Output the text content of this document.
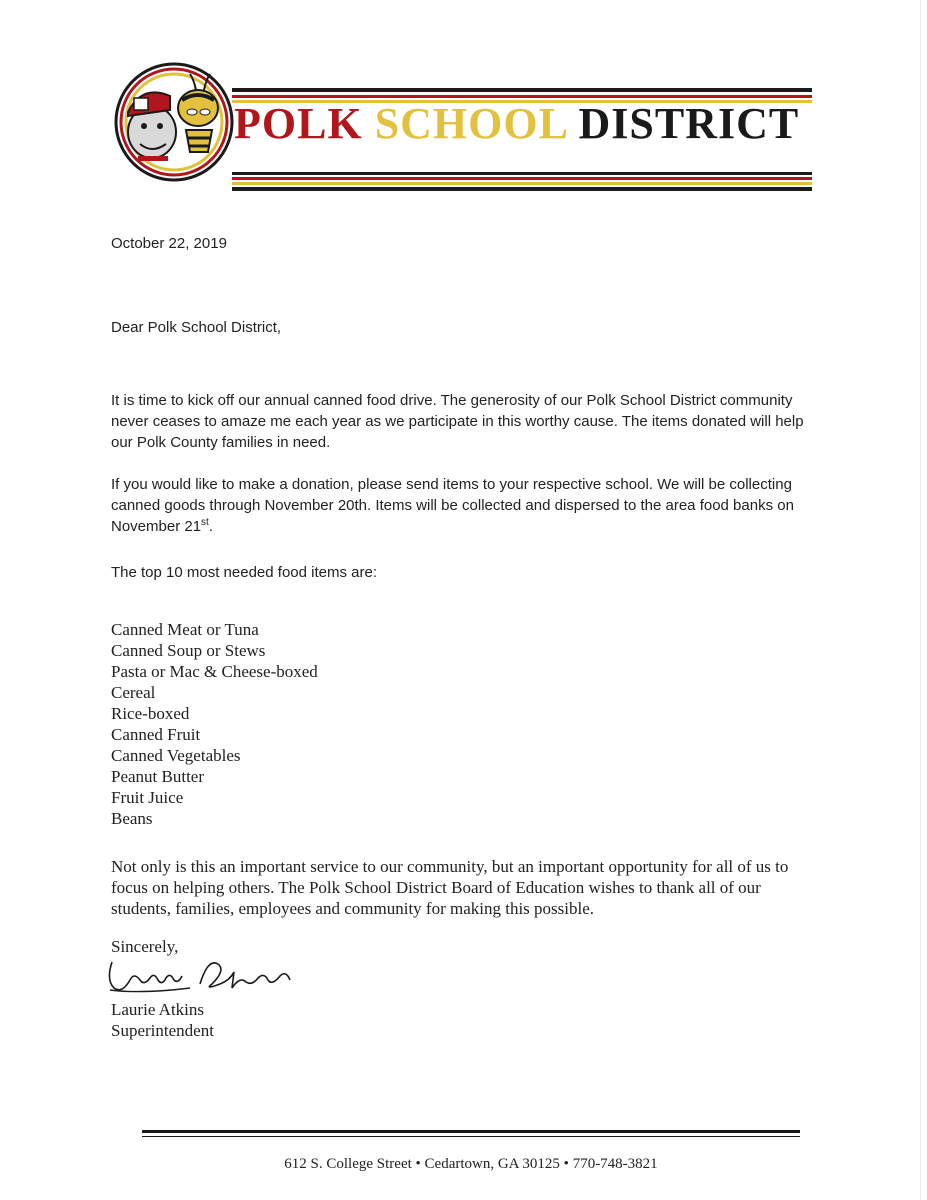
POLK SCHOOL DISTRICT

October 22, 2019

Dear Polk School District,

It is time to kick off our annual canned food drive. The generosity of our Polk School District community never ceases to amaze me each year as we participate in this worthy cause. The items donated will help our Polk County families in need.

If you would like to make a donation, please send items to your respective school. We will be collecting canned goods through November 20th. Items will be collected and dispersed to the area food banks on November 21st.

The top 10 most needed food items are:

Canned Meat or Tuna
Canned Soup or Stews
Pasta or Mac & Cheese-boxed
Cereal
Rice-boxed
Canned Fruit
Canned Vegetables
Peanut Butter
Fruit Juice
Beans

Not only is this an important service to our community, but an important opportunity for all of us to focus on helping others. The Polk School District Board of Education wishes to thank all of our students, families, employees and community for making this possible.

Sincerely,

Laurie Atkins

Superintendent

612 S. College Street • Cedartown, GA 30125 • 770-748-3821
